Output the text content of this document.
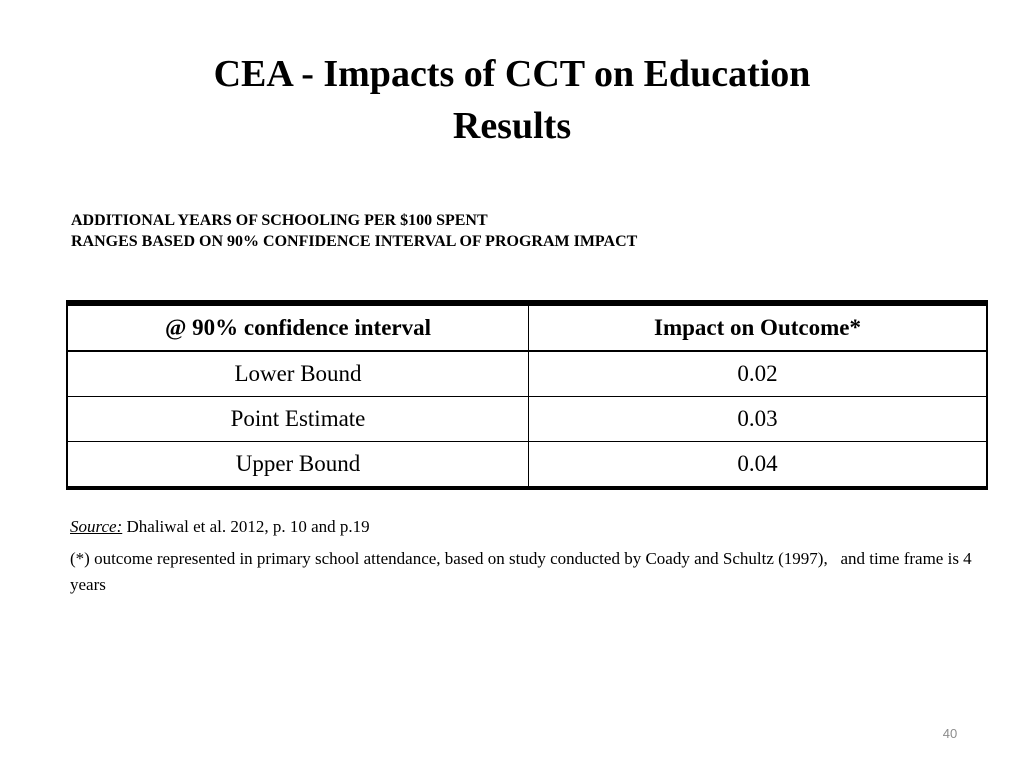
CEA - Impacts of CCT on Education
Results
ADDITIONAL YEARS OF SCHOOLING PER $100 SPENT
RANGES BASED ON 90% CONFIDENCE INTERVAL OF PROGRAM IMPACT
@ 90% confidence interval	Impact on Outcome*
Lower Bound	0.02
Point Estimate	0.03
Upper Bound	0.04

Source: Dhaliwal et al. 2012, p. 10 and p.19

(*) outcome represented in primary school attendance, based on study conducted by Coady and Schultz (1997),   and time frame is 4 years

40
